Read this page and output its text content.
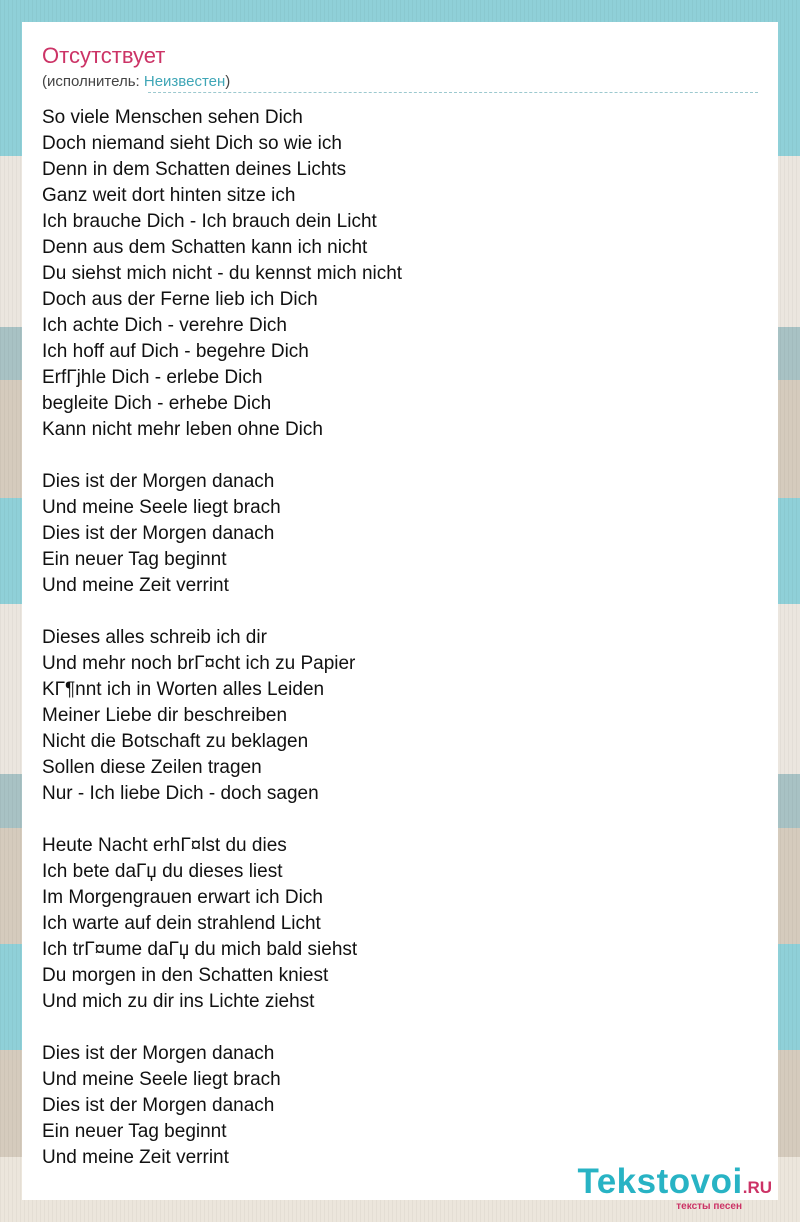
Отсутствует
(исполнитель: Неизвестен)
So viele Menschen sehen Dich
Doch niemand sieht Dich so wie ich
Denn in dem Schatten deines Lichts
Ganz weit dort hinten sitze ich
Ich brauche Dich - Ich brauch dein Licht
Denn aus dem Schatten kann ich nicht
Du siehst mich nicht - du kennst mich nicht
Doch aus der Ferne lieb ich Dich
Ich achte Dich - verehre Dich
Ich hoff auf Dich - begehre Dich
ErfГjhle Dich - erlebe Dich
begleite Dich - erhebe Dich
Kann nicht mehr leben ohne Dich

Dies ist der Morgen danach
Und meine Seele liegt brach
Dies ist der Morgen danach
Ein neuer Tag beginnt
Und meine Zeit verrint

Dieses alles schreib ich dir
Und mehr noch brГ¤cht ich zu Papier
KГ¶nnt ich in Worten alles Leiden
Meiner Liebe dir beschreiben
Nicht die Botschaft zu beklagen
Sollen diese Zeilen tragen
Nur - Ich liebe Dich - doch sagen

Heute Nacht erhГ¤lst du dies
Ich bete daГџ du dieses liest
Im Morgengrauen erwart ich Dich
Ich warte auf dein strahlend Licht
Ich trГ¤ume daГџ du mich bald siehst
Du morgen in den Schatten kniest
Und mich zu dir ins Lichte ziehst

Dies ist der Morgen danach
Und meine Seele liegt brach
Dies ist der Morgen danach
Ein neuer Tag beginnt
Und meine Zeit verrint
Tekstovoi.RU
тексты песен
